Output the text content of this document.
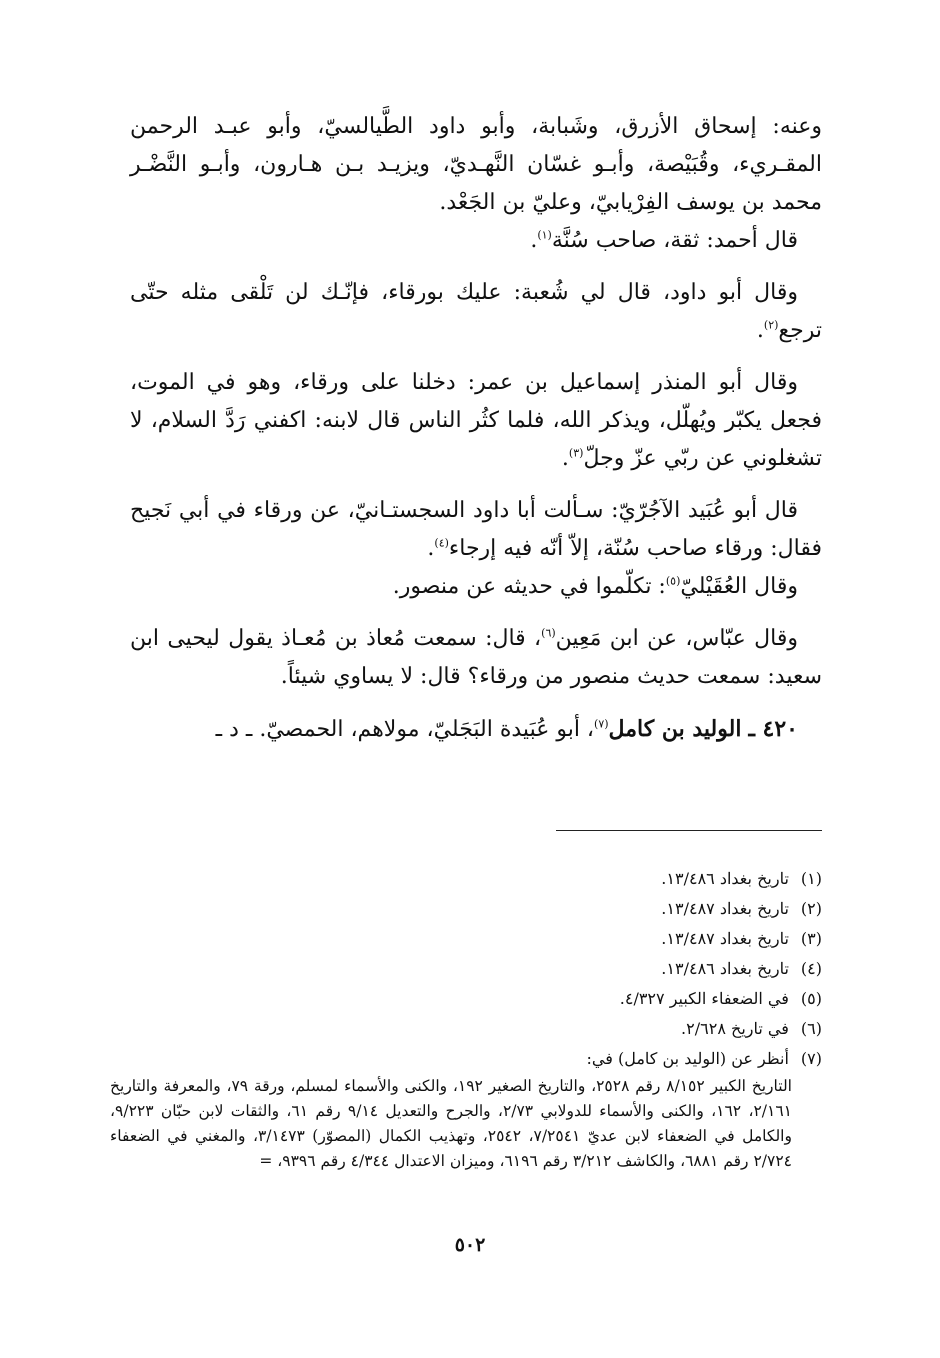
وعنه: إسحاق الأزرق، وشَبابة، وأبو داود الطَّيالسيّ، وأبو عبـد الرحمن المقـريء، وقُبَيْصة، وأبـو غسّان النَّهـديّ، ويزيـد بـن هـارون، وأبـو النَّضْـر محمد بن يوسف الفِرْيابيّ، وعليّ بن الجَعْد.

قال أحمد: ثقة، صاحب سُنَّة$^{(١)}$.

وقال أبو داود، قال لي شُعبة: عليك بورقاء، فإنّـك لن تَلْقى مثله حتّى ترجع$^{(٢)}$.

وقال أبو المنذر إسماعيل بن عمر: دخلنا على ورقاء، وهو في الموت، فجعل يكبّر ويُهلّل، ويذكر الله، فلما كثُر الناس قال لابنه: اكفني رَدَّ السلام، لا تشغلوني عن ربّي عزّ وجلّ$^{(٣)}$.

قال أبو عُبَيد الآجُرّيّ: سـألت أبا داود السجستـانيّ، عن ورقاء في أبي نَجيح فقال: ورقاء صاحب سُنّة، إلاّ أنّه فيه إرجاء$^{(٤)}$.

وقال العُقَيْليّ$^{(٥)}$: تكلّموا في حديثه عن منصور.

وقال عبّاس، عن ابن مَعِين$^{(٦)}$، قال: سمعت مُعاذ بن مُعـاذ يقول ليحيى ابن سعيد: سمعت حديث منصور من ورقاء؟ قال: لا يساوي شيئاً.

٤٢٠ ـ الوليد بن كامل$^{(٧)}$، أبو عُبَيدة البَجَليّ، مولاهم، الحمصيّ. ـ د ـ

(١) تاريخ بغداد ١٣/٤٨٦.

(٢) تاريخ بغداد ١٣/٤٨٧.

(٣) تاريخ بغداد ١٣/٤٨٧.

(٤) تاريخ بغداد ١٣/٤٨٦.

(٥) في الضعفاء الكبير ٤/٣٢٧.

(٦) في تاريخ ٢/٦٢٨.

(٧) أنظر عن (الوليد بن كامل) في:

التاريخ الكبير ٨/١٥٢ رقم ٢٥٢٨، والتاريخ الصغير ١٩٢، والكنى والأسماء لمسلم، ورقة ٧٩، والمعرفة والتاريخ ٢/١٦١، ١٦٢، والكنى والأسماء للدولابي ٢/٧٣، والجرح والتعديل ٩/١٤ رقم ٦١، والثقات لابن حبّان ٩/٢٢٣، والكامل في الضعفاء لابن عديّ ٧/٢٥٤١، ٢٥٤٢، وتهذيب الكمال (المصوّر) ٣/١٤٧٣، والمغني في الضعفاء ٢/٧٢٤ رقم ٦٨٨١، والكاشف ٣/٢١٢ رقم ٦١٩٦، وميزان الاعتدال ٤/٣٤٤ رقم ٩٣٩٦، =

٥٠٢
